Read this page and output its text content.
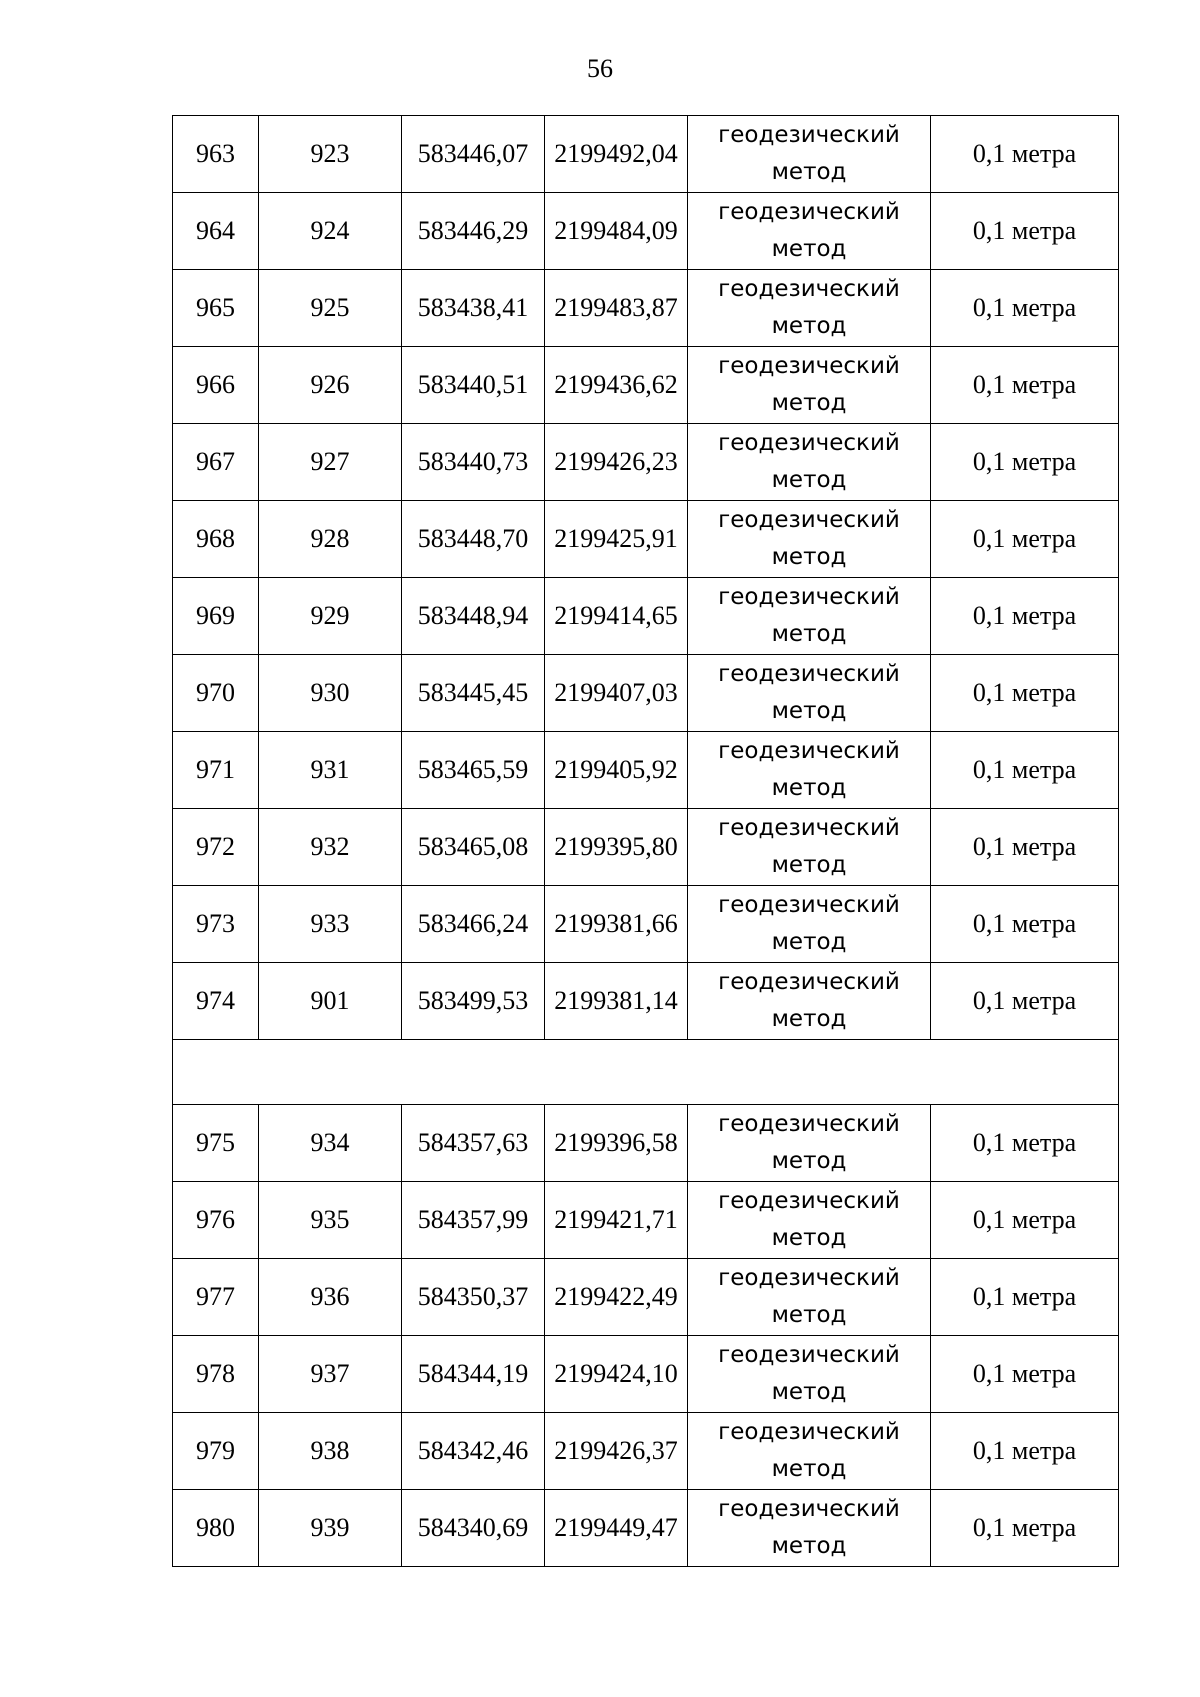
56
963	923	583446,07	2199492,04	геодезический метод	0,1 метра
964	924	583446,29	2199484,09	геодезический метод	0,1 метра
965	925	583438,41	2199483,87	геодезический метод	0,1 метра
966	926	583440,51	2199436,62	геодезический метод	0,1 метра
967	927	583440,73	2199426,23	геодезический метод	0,1 метра
968	928	583448,70	2199425,91	геодезический метод	0,1 метра
969	929	583448,94	2199414,65	геодезический метод	0,1 метра
970	930	583445,45	2199407,03	геодезический метод	0,1 метра
971	931	583465,59	2199405,92	геодезический метод	0,1 метра
972	932	583465,08	2199395,80	геодезический метод	0,1 метра
973	933	583466,24	2199381,66	геодезический метод	0,1 метра
974	901	583499,53	2199381,14	геодезический метод	0,1 метра

975	934	584357,63	2199396,58	геодезический метод	0,1 метра
976	935	584357,99	2199421,71	геодезический метод	0,1 метра
977	936	584350,37	2199422,49	геодезический метод	0,1 метра
978	937	584344,19	2199424,10	геодезический метод	0,1 метра
979	938	584342,46	2199426,37	геодезический метод	0,1 метра
980	939	584340,69	2199449,47	геодезический метод	0,1 метра
